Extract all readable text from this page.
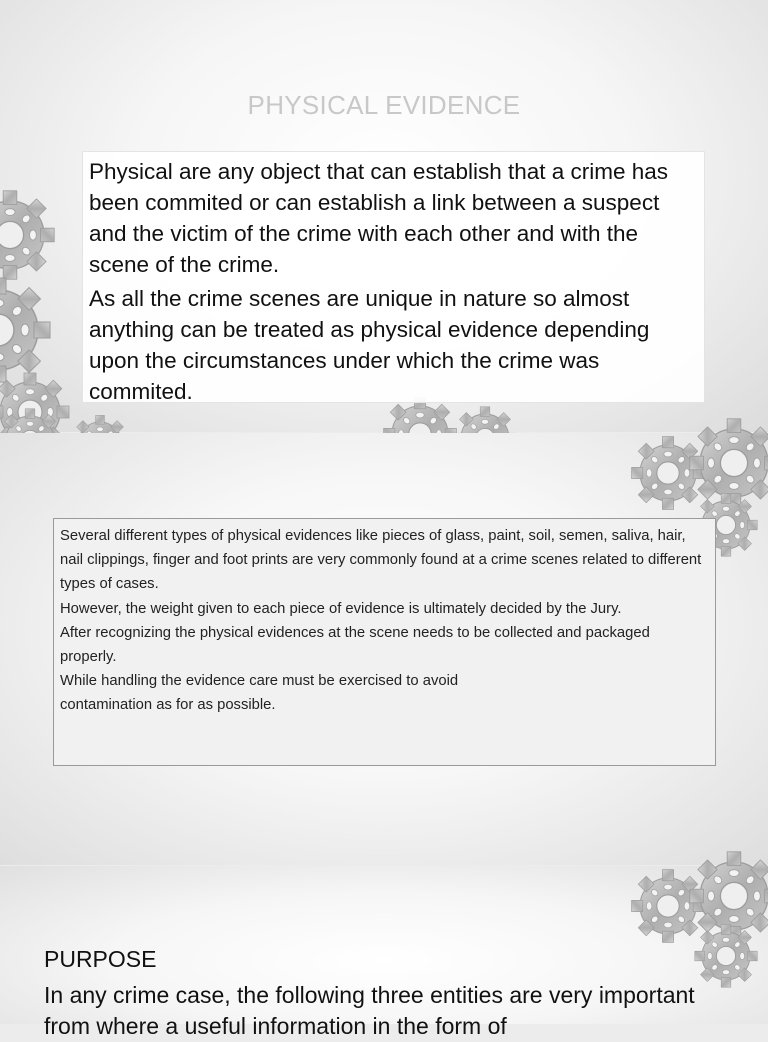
PHYSICAL EVIDENCE

Physical are any object that can establish that a crime has been commited or can establish a link between a suspect and the victim of the crime with each other and with the scene of the crime.

As all the crime scenes are unique in nature so almost anything can be treated as physical evidence depending upon the circumstances under which the crime was commited.

Several different types of physical evidences like pieces of glass, paint, soil, semen, saliva, hair, nail clippings, finger and foot prints are very commonly found at a crime scenes related to different types of cases.

However, the weight given to each piece of evidence is ultimately decided by the Jury.

After recognizing the physical evidences at the scene needs to be collected and packaged properly.

While handling the evidence care must be exercised to avoid

contamination as for as possible.

PURPOSE

In any crime case, the following three entities are very important from where a useful information in the form of
